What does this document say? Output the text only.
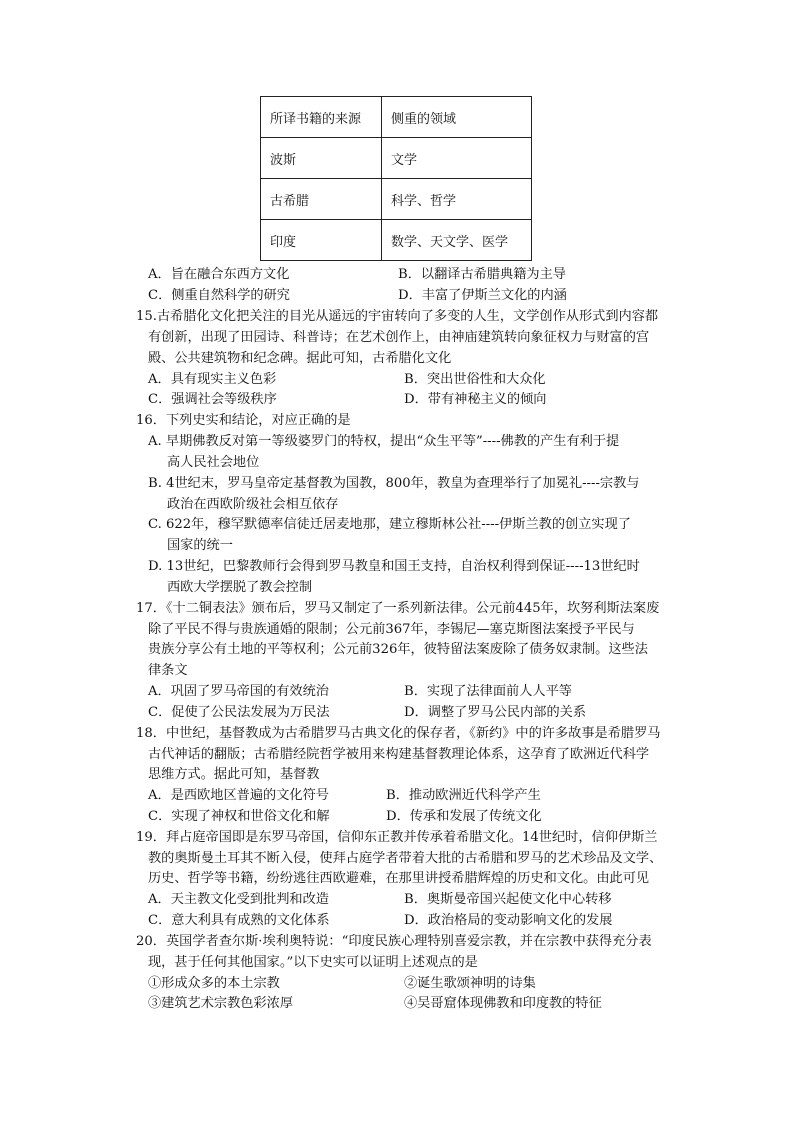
所译书籍的来源	侧重的领域
波斯	文学
古希腊	科学、哲学
印度	数学、天文学、医学
A．旨在融合东西方文化	B．以翻译古希腊典籍为主导
C．侧重自然科学的研究	D．丰富了伊斯兰文化的内涵
15.古希腊化文化把关注的目光从遥远的宇宙转向了多变的人生，文学创作从形式到内容都
有创新，出现了田园诗、科普诗；在艺术创作上，由神庙建筑转向象征权力与财富的宫
殿、公共建筑物和纪念碑。据此可知，古希腊化文化
A．具有现实主义色彩	B．突出世俗性和大众化
C．强调社会等级秩序	D．带有神秘主义的倾向
16．下列史实和结论，对应正确的是
A. 早期佛教反对第一等级婆罗门的特权，提出“众生平等”----佛教的产生有利于提
高人民社会地位
B. 4世纪末，罗马皇帝定基督教为国教，800年，教皇为查理举行了加冕礼----宗教与
政治在西欧阶级社会相互依存
C. 622年，穆罕默德率信徒迁居麦地那，建立穆斯林公社----伊斯兰教的创立实现了
国家的统一
D. 13世纪，巴黎教师行会得到罗马教皇和国王支持，自治权利得到保证----13世纪时
西欧大学摆脱了教会控制
17．《十二铜表法》颁布后，罗马又制定了一系列新法律。公元前445年，坎努利斯法案废
除了平民不得与贵族通婚的限制；公元前367年，李锡尼—塞克斯图法案授予平民与
贵族分享公有土地的平等权利；公元前326年，彼特留法案废除了债务奴隶制。这些法
律条文
A．巩固了罗马帝国的有效统治	B．实现了法律面前人人平等
C．促使了公民法发展为万民法	D．调整了罗马公民内部的关系
18．中世纪，基督教成为古希腊罗马古典文化的保存者，《新约》中的许多故事是希腊罗马
古代神话的翻版；古希腊经院哲学被用来构建基督教理论体系，这孕育了欧洲近代科学
思维方式。据此可知，基督教
A．是西欧地区普遍的文化符号	B．推动欧洲近代科学产生
C．实现了神权和世俗文化和解	D．传承和发展了传统文化
19．拜占庭帝国即是东罗马帝国，信仰东正教并传承着希腊文化。14世纪时，信仰伊斯兰
教的奥斯曼土耳其不断入侵，使拜占庭学者带着大批的古希腊和罗马的艺术珍品及文学、
历史、哲学等书籍，纷纷逃往西欧避难，在那里讲授希腊辉煌的历史和文化。由此可见
A．天主教文化受到批判和改造	B．奥斯曼帝国兴起使文化中心转移
C．意大利具有成熟的文化体系	D．政治格局的变动影响文化的发展
20．英国学者查尔斯·埃利奥特说：“印度民族心理特别喜爱宗教，并在宗教中获得充分表
现，甚于任何其他国家。”以下史实可以证明上述观点的是
①形成众多的本土宗教	②诞生歌颂神明的诗集
③建筑艺术宗教色彩浓厚	④吴哥窟体现佛教和印度教的特征
